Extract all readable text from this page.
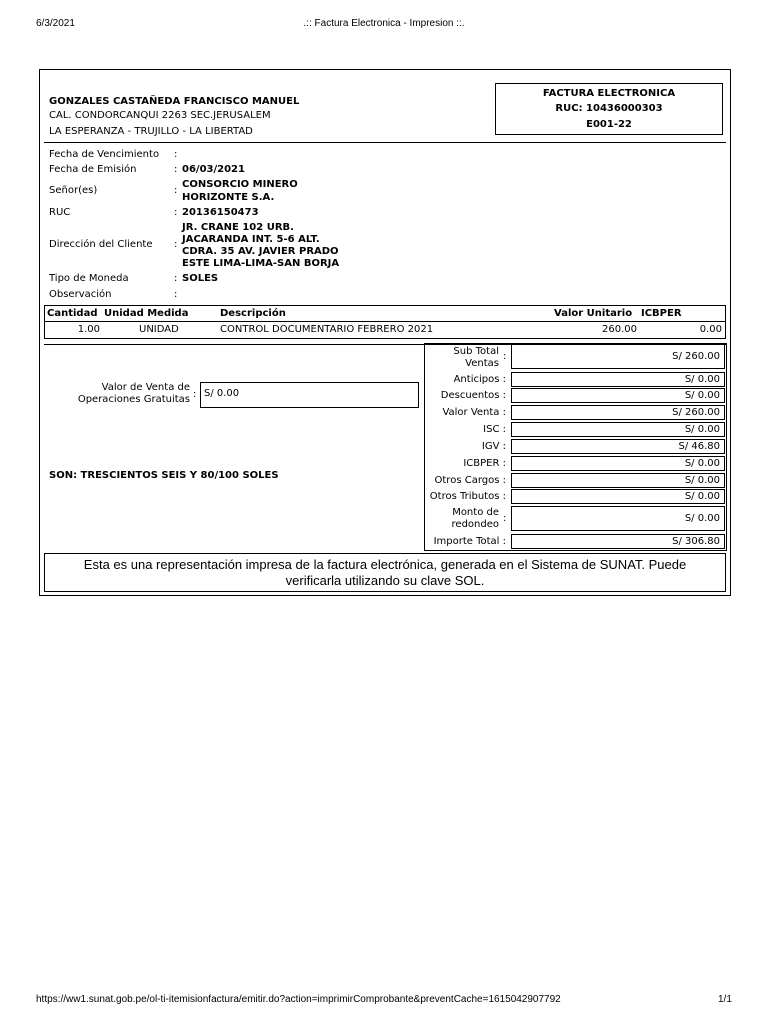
6/3/2021	.:: Factura Electronica - Impresion ::.
GONZALES CASTAÑEDA FRANCISCO MANUEL
CAL. CONDORCANQUI 2263 SEC.JERUSALEM
LA ESPERANZA - TRUJILLO - LA LIBERTAD
FACTURA ELECTRONICA
RUC: 10436000303
E001-22
Fecha de Vencimiento :
Fecha de Emisión	: 06/03/2021
Señor(es)	:
CONSORCIO MINERO
HORIZONTE S.A.
RUC	: 20136150473
Dirección del Cliente :
JR. CRANE 102 URB.
JACARANDA INT. 5-6 ALT.
CDRA. 35 AV. JAVIER PRADO
ESTE LIMA-LIMA-SAN BORJA
Tipo de Moneda	: SOLES
Observación	:
Cantidad Unidad Medida	Descripción	Valor Unitario ICBPER
1.00	UNIDAD	CONTROL DOCUMENTARIO FEBRERO 2021	260.00	0.00
Valor de Venta de
Operaciones Gratuitas : S/ 0.00
SON: TRESCIENTOS SEIS Y 80/100 SOLES
Sub Total
Ventas
:	S/ 260.00
Anticipos :	S/ 0.00
Descuentos :	S/ 0.00
Valor Venta :	S/ 260.00
ISC :	S/ 0.00
IGV :	S/ 46.80
ICBPER :	S/ 0.00
Otros Cargos :	S/ 0.00
Otros Tributos :	S/ 0.00
Monto de
redondeo
:	S/ 0.00
Importe Total :	S/ 306.80
Esta es una representación impresa de la factura electrónica, generada en el Sistema de SUNAT. Puede
verificarla utilizando su clave SOL.
https://ww1.sunat.gob.pe/ol-ti-itemisionfactura/emitir.do?action=imprimirComprobante&preventCache=1615042907792	1/1
